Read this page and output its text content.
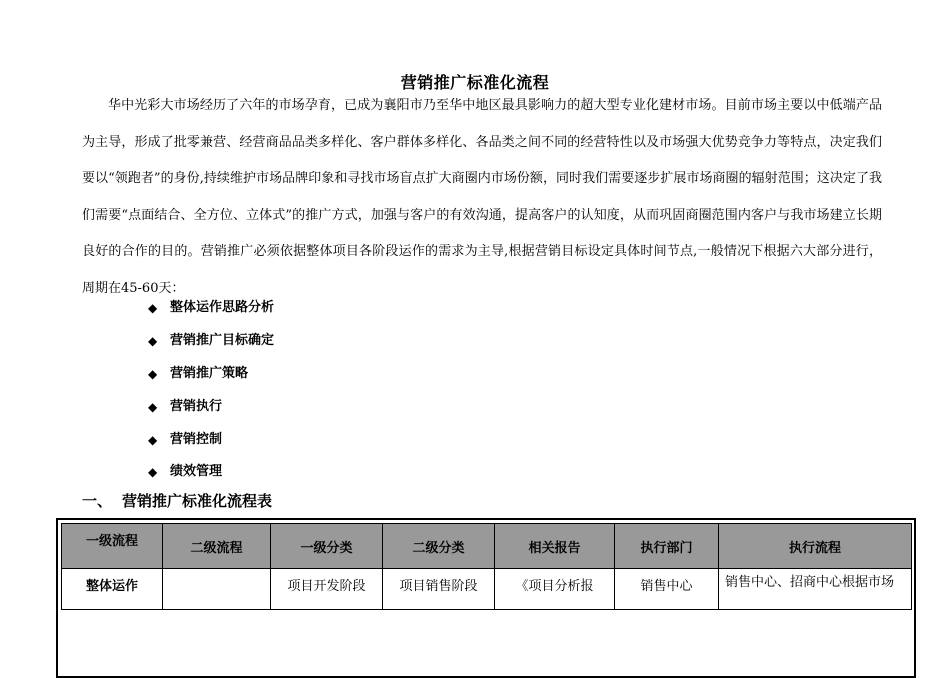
营销推广标准化流程

华中光彩大市场经历了六年的市场孕育，已成为襄阳市乃至华中地区最具影响力的超大型专业化建材市场。目前市场主要以中低端产品为主导，形成了批零兼营、经营商品品类多样化、客户群体多样化、各品类之间不同的经营特性以及市场强大优势竞争力等特点，决定我们要以“领跑者”的身份,持续维护市场品牌印象和寻找市场盲点扩大商圈内市场份额，同时我们需要逐步扩展市场商圈的辐射范围；这决定了我们需要“点面结合、全方位、立体式”的推广方式，加强与客户的有效沟通，提高客户的认知度，从而巩固商圈范围内客户与我市场建立长期良好的合作的目的。营销推广必须依据整体项目各阶段运作的需求为主导,根据营销目标设定具体时间节点,一般情况下根据六大部分进行，周期在45-60天：

◆ 整体运作思路分析
◆ 营销推广目标确定
◆ 营销推广策略
◆ 营销执行
◆ 营销控制
◆ 绩效管理
一、 营销推广标准化流程表
一级流程	二级流程	一级分类	二级分类	相关报告	执行部门	执行流程
整体运作		项目开发阶段	项目销售阶段	《项目分析报	销售中心	销售中心、招商中心根据市场
